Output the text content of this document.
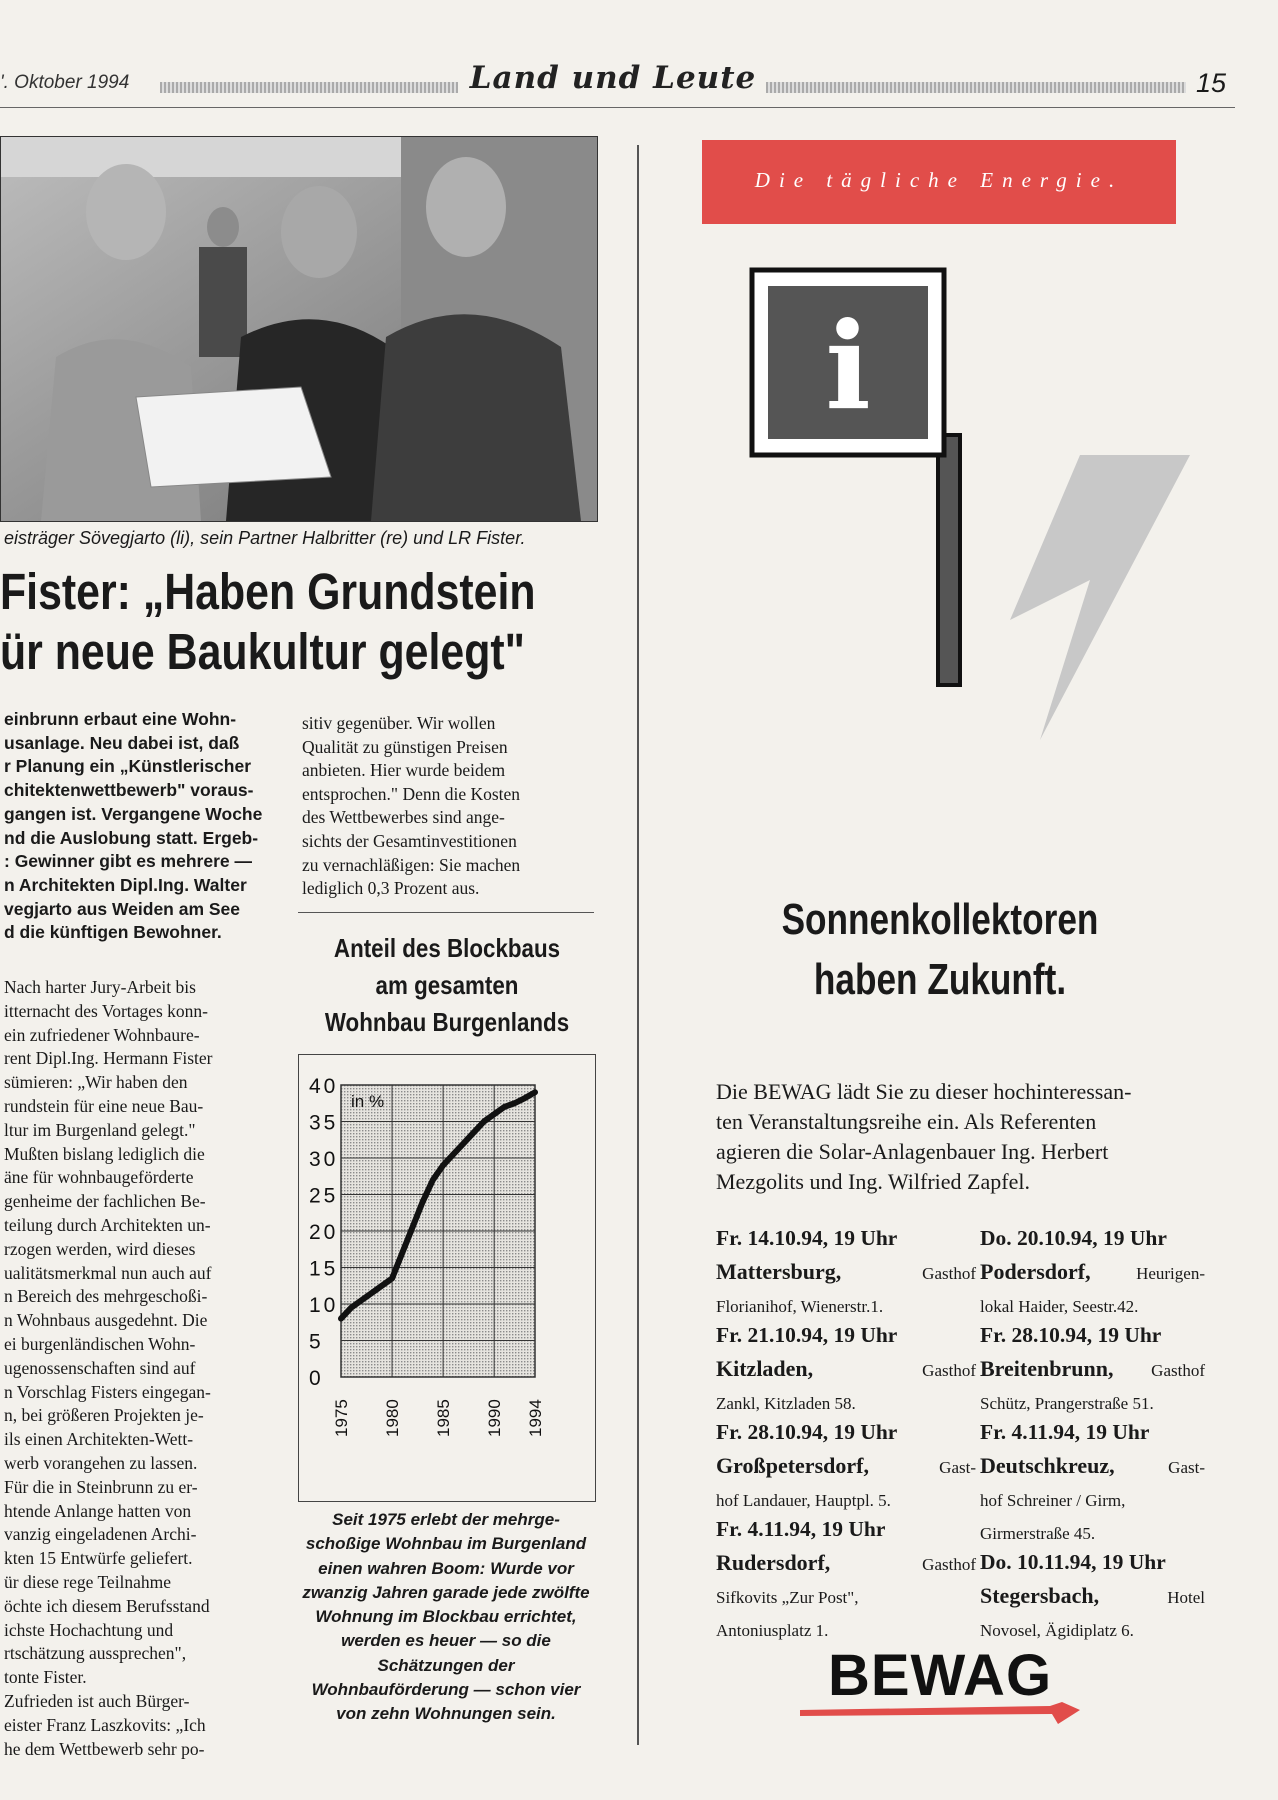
'. Oktober 1994	Land und Leute	15
eisträger Sövegjarto (li), sein Partner Halbritter (re) und LR Fister.
Fister: „Haben Grundstein
ür neue Baukultur gelegt"

einbrunn erbaut eine Wohn-

usanlage. Neu dabei ist, daß

r Planung ein „Künstlerischer

chitektenwettbewerb" voraus-

gangen ist. Vergangene Woche

nd die Auslobung statt. Ergeb-

: Gewinner gibt es mehrere —

n Architekten Dipl.Ing. Walter

vegjarto aus Weiden am See

d die künftigen Bewohner.

Nach harter Jury-Arbeit bis

itternacht des Vortages konn-

ein zufriedener Wohnbaure-

rent Dipl.Ing. Hermann Fister

sümieren: „Wir haben den

rundstein für eine neue Bau-

ltur im Burgenland gelegt."

Mußten bislang lediglich die

äne für wohnbaugeförderte

genheime der fachlichen Be-

teilung durch Architekten un-

rzogen werden, wird dieses

ualitätsmerkmal nun auch auf

n Bereich des mehrgeschoßi-

n Wohnbaus ausgedehnt. Die

ei burgenländischen Wohn-

ugenossenschaften sind auf

n Vorschlag Fisters eingegan-

n, bei größeren Projekten je-

ils einen Architekten-Wett-

werb vorangehen zu lassen.

Für die in Steinbrunn zu er-

htende Anlange hatten von

vanzig eingeladenen Archi-

kten 15 Entwürfe geliefert.

ür diese rege Teilnahme

öchte ich diesem Berufsstand

ichste Hochachtung und

rtschätzung aussprechen",

tonte Fister.

Zufrieden ist auch Bürger-

eister Franz Laszkovits: „Ich

he dem Wettbewerb sehr po-

sitiv gegenüber. Wir wollen

Qualität zu günstigen Preisen

anbieten. Hier wurde beidem

entsprochen." Denn die Kosten

des Wettbewerbes sind ange-

sichts der Gesamtinvestitionen

zu vernachläßigen: Sie machen

lediglich 0,3 Prozent aus.

Anteil des Blockbaus
am gesamten
Wohnbau Burgenlands
0
5
10
15
20
25
30
35
40
1975 1980 1985 1990 1994
in %
Seit 1975 erlebt der mehrgeschoßige Wohnbau im Burgenland einen wahren Boom: Wurde vor zwanzig Jahren garade jede zwölfte Wohnung im Blockbau errichtet, werden es heuer — so die Schätzungen der Wohnbauförderung — schon vier von zehn Wohnungen sein.
Die tägliche Energie.
i
Sonnenkollektoren
haben Zukunft.

Die BEWAG lädt Sie zu dieser hochinteressan-

ten Veranstaltungsreihe ein. Als Referenten

agieren die Solar-Anlagenbauer Ing. Herbert

Mezgolits und Ing. Wilfried Zapfel.

Fr. 14.10.94, 19 Uhr
Mattersburg,	Gasthof
Florianihof, Wienerstr.1.
Fr. 21.10.94, 19 Uhr
Kitzladen,	Gasthof
Zankl, Kitzladen 58.
Fr. 28.10.94, 19 Uhr
Großpetersdorf,	Gast-
hof Landauer, Hauptpl. 5.
Fr. 4.11.94, 19 Uhr
Rudersdorf,	Gasthof
Sifkovits „Zur Post",
Antoniusplatz 1.
Do. 20.10.94, 19 Uhr
Podersdorf,	Heurigen-
lokal Haider, Seestr.42.
Fr. 28.10.94, 19 Uhr
Breitenbrunn, Gasthof
Schütz, Prangerstraße 51.
Fr. 4.11.94, 19 Uhr
Deutschkreuz,	Gast-
hof Schreiner / Girm,
Girmerstraße 45.
Do. 10.11.94, 19 Uhr
Stegersbach,	Hotel
Novosel, Ägidiplatz 6.
BEWAG
